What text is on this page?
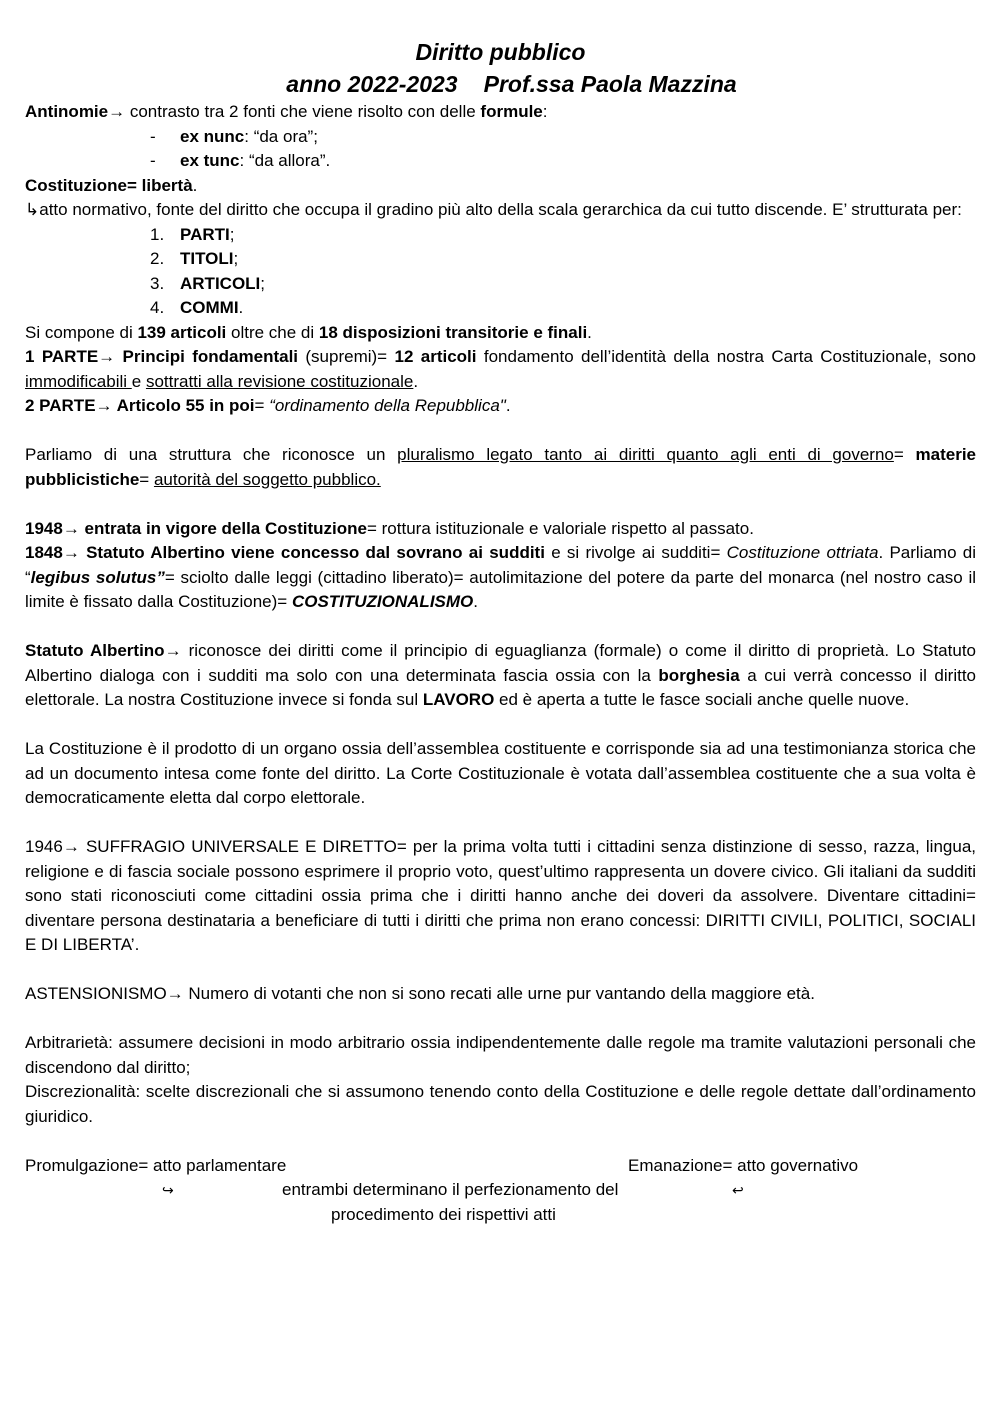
Diritto pubblico
anno 2022-2023 Prof.ssa Paola Mazzina

Antinomie→ contrasto tra 2 fonti che viene risolto con delle formule:

- ex nunc: “da ora”;

- ex tunc: “da allora”.

Costituzione= libertà.

↳atto normativo, fonte del diritto che occupa il gradino più alto della scala gerarchica da cui tutto discende. E’ strutturata per:

1. PARTI;

2. TITOLI;

3. ARTICOLI;

4. COMMI.

Si compone di 139 articoli oltre che di 18 disposizioni transitorie e finali.

1 PARTE→ Principi fondamentali (supremi)= 12 articoli fondamento dell’identità della nostra Carta Costituzionale, sono immodificabili e sottratti alla revisione costituzionale.

2 PARTE→ Articolo 55 in poi= “ordinamento della Repubblica".

Parliamo di una struttura che riconosce un pluralismo legato tanto ai diritti quanto agli enti di governo= materie pubblicistiche= autorità del soggetto pubblico.

1948→ entrata in vigore della Costituzione= rottura istituzionale e valoriale rispetto al passato.

1848→ Statuto Albertino viene concesso dal sovrano ai sudditi e si rivolge ai sudditi= Costituzione ottriata. Parliamo di “legibus solutus”= sciolto dalle leggi (cittadino liberato)= autolimitazione del potere da parte del monarca (nel nostro caso il limite è fissato dalla Costituzione)= COSTITUZIONALISMO.

Statuto Albertino→ riconosce dei diritti come il principio di eguaglianza (formale) o come il diritto di proprietà. Lo Statuto Albertino dialoga con i sudditi ma solo con una determinata fascia ossia con la borghesia a cui verrà concesso il diritto elettorale. La nostra Costituzione invece si fonda sul LAVORO ed è aperta a tutte le fasce sociali anche quelle nuove.

La Costituzione è il prodotto di un organo ossia dell’assemblea costituente e corrisponde sia ad una testimonianza storica che ad un documento intesa come fonte del diritto. La Corte Costituzionale è votata dall’assemblea costituente che a sua volta è democraticamente eletta dal corpo elettorale.

1946→ SUFFRAGIO UNIVERSALE E DIRETTO= per la prima volta tutti i cittadini senza distinzione di sesso, razza, lingua, religione e di fascia sociale possono esprimere il proprio voto, quest’ultimo rappresenta un dovere civico. Gli italiani da sudditi sono stati riconosciuti come cittadini ossia prima che i diritti hanno anche dei doveri da assolvere. Diventare cittadini= diventare persona destinataria a beneficiare di tutti i diritti che prima non erano concessi: DIRITTI CIVILI, POLITICI, SOCIALI E DI LIBERTA’.

ASTENSIONISMO→ Numero di votanti che non si sono recati alle urne pur vantando della maggiore età.

Arbitrarietà: assumere decisioni in modo arbitrario ossia indipendentemente dalle regole ma tramite valutazioni personali che discendono dal diritto;

Discrezionalità: scelte discrezionali che si assumono tenendo conto della Costituzione e delle regole dettate dall’ordinamento giuridico.

Promulgazione= atto parlamentare	Emanazione= atto governativo
↪	entrambi determinano il perfezionamento del	↩

procedimento dei rispettivi atti
